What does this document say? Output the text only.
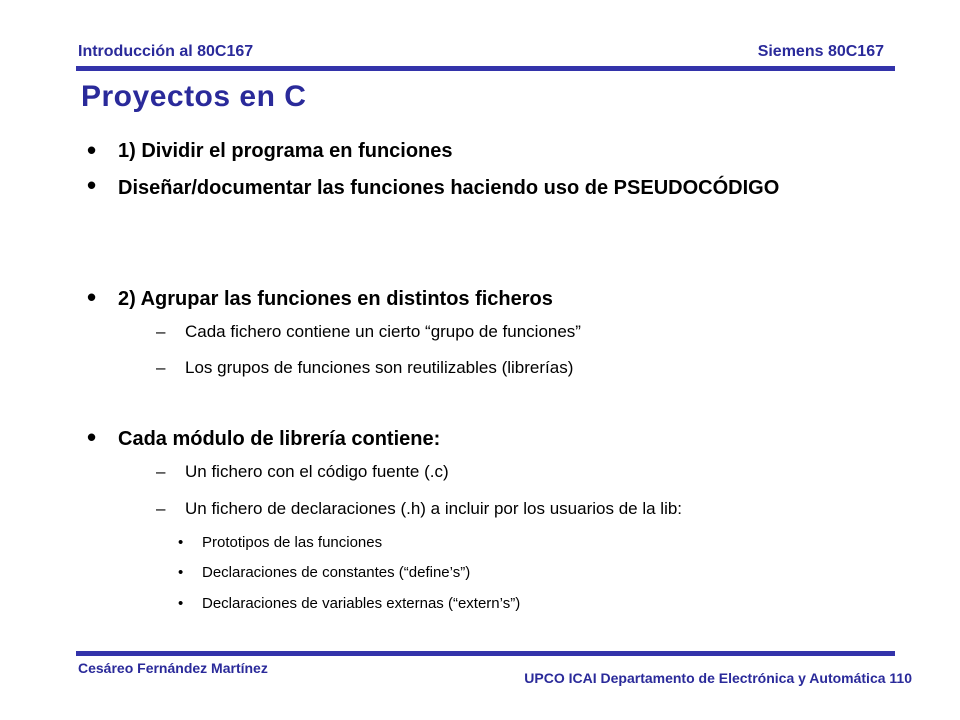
Introducción al 80C167	Siemens 80C167
Proyectos en C
• 1) Dividir el programa en funciones
• Diseñar/documentar las funciones haciendo uso de PSEUDOCÓDIGO
• 2) Agrupar las funciones en distintos ficheros
– Cada fichero contiene un cierto “grupo de funciones”
– Los grupos de funciones son reutilizables (librerías)
• Cada módulo de librería contiene:
– Un fichero con el código fuente (.c)
– Un fichero de declaraciones (.h) a incluir por los usuarios de la lib:
• Prototipos de las funciones
• Declaraciones de constantes (“define’s”)
• Declaraciones de variables externas (“extern’s”)
Cesáreo Fernández Martínez
UPCO ICAI Departamento de Electrónica y Automática 110
